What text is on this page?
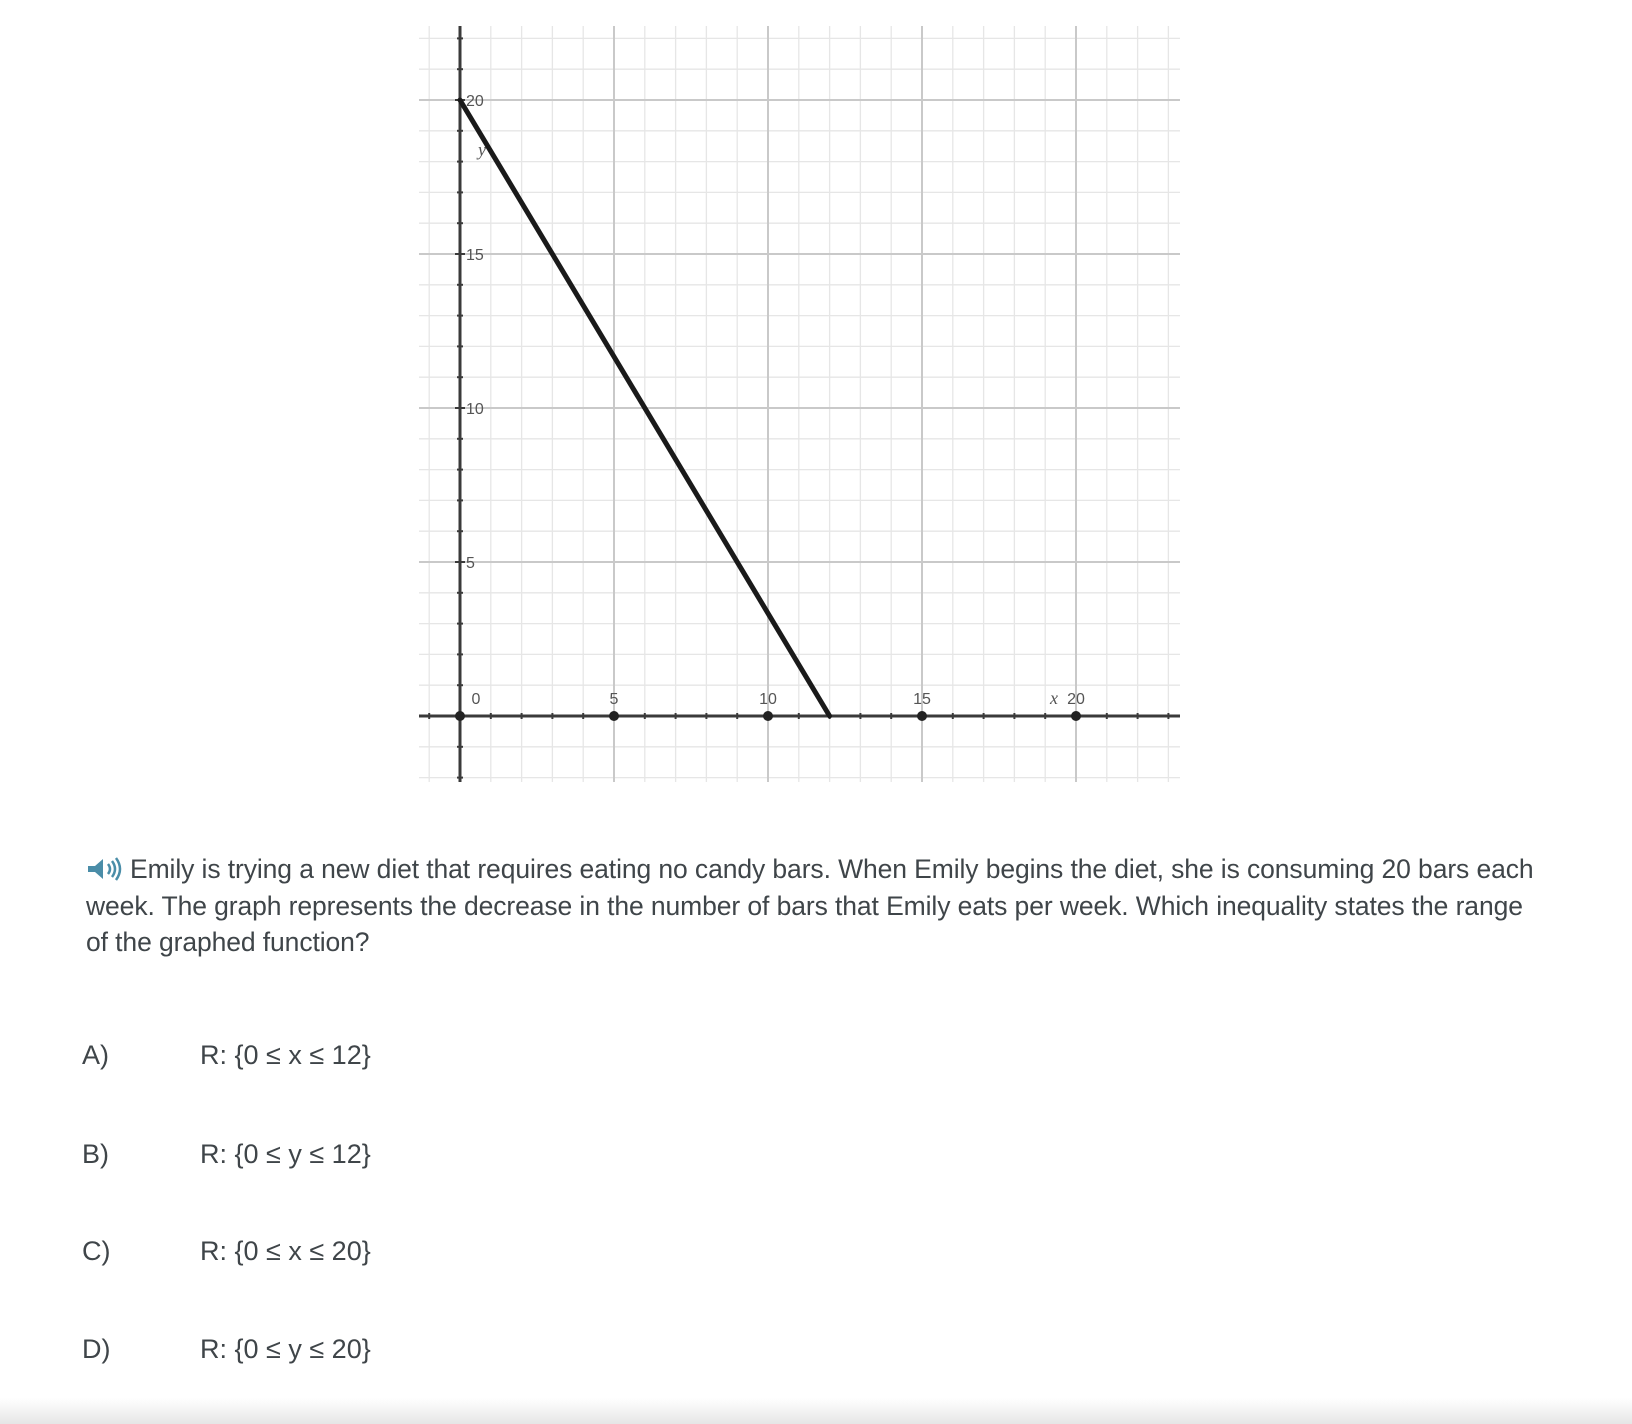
0	5	10	15	20
x
5
10
15
20
y
Emily is trying a new diet that requires eating no candy bars. When Emily begins the diet, she is consuming 20 bars each week. The graph represents the decrease in the number of bars that Emily eats per week. Which inequality states the range of the graphed function?
A)	R: {0 ≤ x ≤ 12}
B)	R: {0 ≤ y ≤ 12}
C)	R: {0 ≤ x ≤ 20}
D)	R: {0 ≤ y ≤ 20}
